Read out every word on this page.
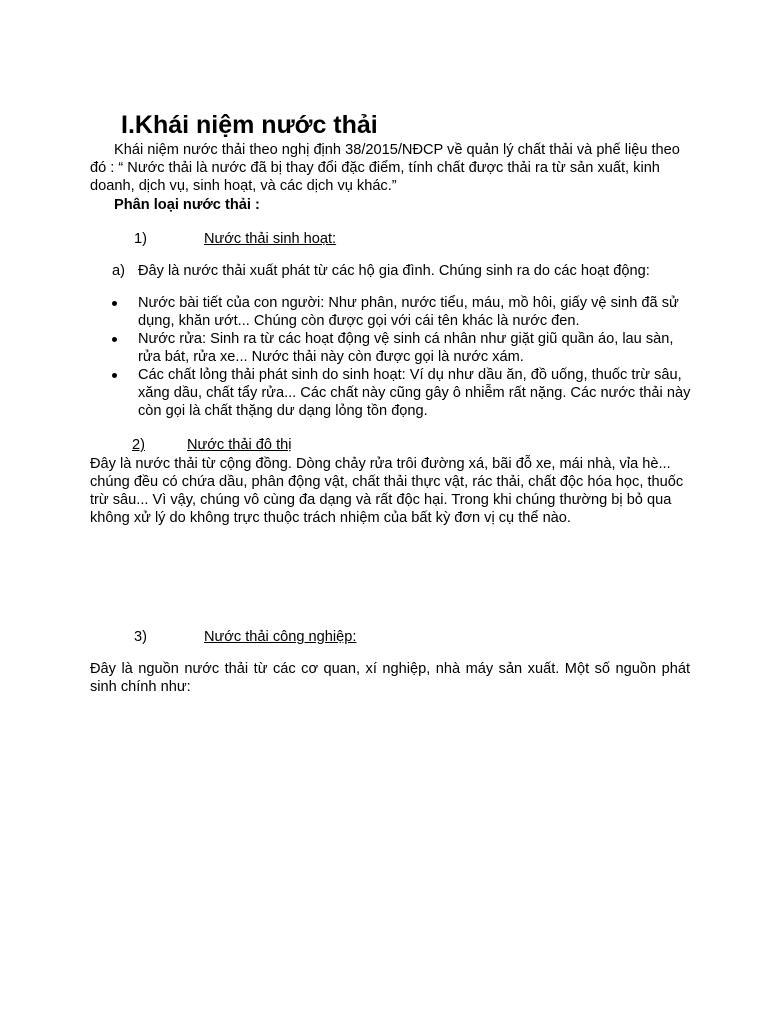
I.Khái niệm nước thải

Khái niệm nước thải theo nghị định 38/2015/NĐCP về quản lý chất thải và phế liệu theo đó : “ Nước thải là nước đã bị thay đổi đặc điểm, tính chất được thải ra từ sản xuất, kinh doanh, dịch vụ, sinh hoạt, và các dịch vụ khác.”

Phân loại nước thải :
1)	Nước thải sinh hoạt:
a) Đây là nước thải xuất phát từ các hộ gia đình. Chúng sinh ra do các hoạt động:
Nước bài tiết của con người: Như phân, nước tiểu, máu, mồ hôi, giấy vệ sinh đã sử dụng, khăn ướt... Chúng còn được gọi với cái tên khác là nước đen.
Nước rửa: Sinh ra từ các hoạt động vệ sinh cá nhân như giặt giũ quần áo, lau sàn, rửa bát, rửa xe... Nước thải này còn được gọi là nước xám.
Các chất lỏng thải phát sinh do sinh hoạt: Ví dụ như dầu ăn, đồ uống, thuốc trừ sâu, xăng dầu, chất tẩy rửa... Các chất này cũng gây ô nhiễm rất nặng. Các nước thải này còn gọi là chất thặng dư dạng lỏng tồn đọng.
2)	Nước thải đô thị

Đây là nước thải từ cộng đồng. Dòng chảy rửa trôi đường xá, bãi đỗ xe, mái nhà, vỉa hè... chúng đều có chứa dầu, phân động vật, chất thải thực vật, rác thải, chất độc hóa học, thuốc trừ sâu... Vì vậy, chúng vô cùng đa dạng và rất độc hại. Trong khi chúng thường bị bỏ qua không xử lý do không trực thuộc trách nhiệm của bất kỳ đơn vị cụ thể nào.

3)	Nước thải công nghiệp:

Đây là nguồn nước thải từ các cơ quan, xí nghiệp, nhà máy sản xuất. Một số nguồn phát sinh chính như:
